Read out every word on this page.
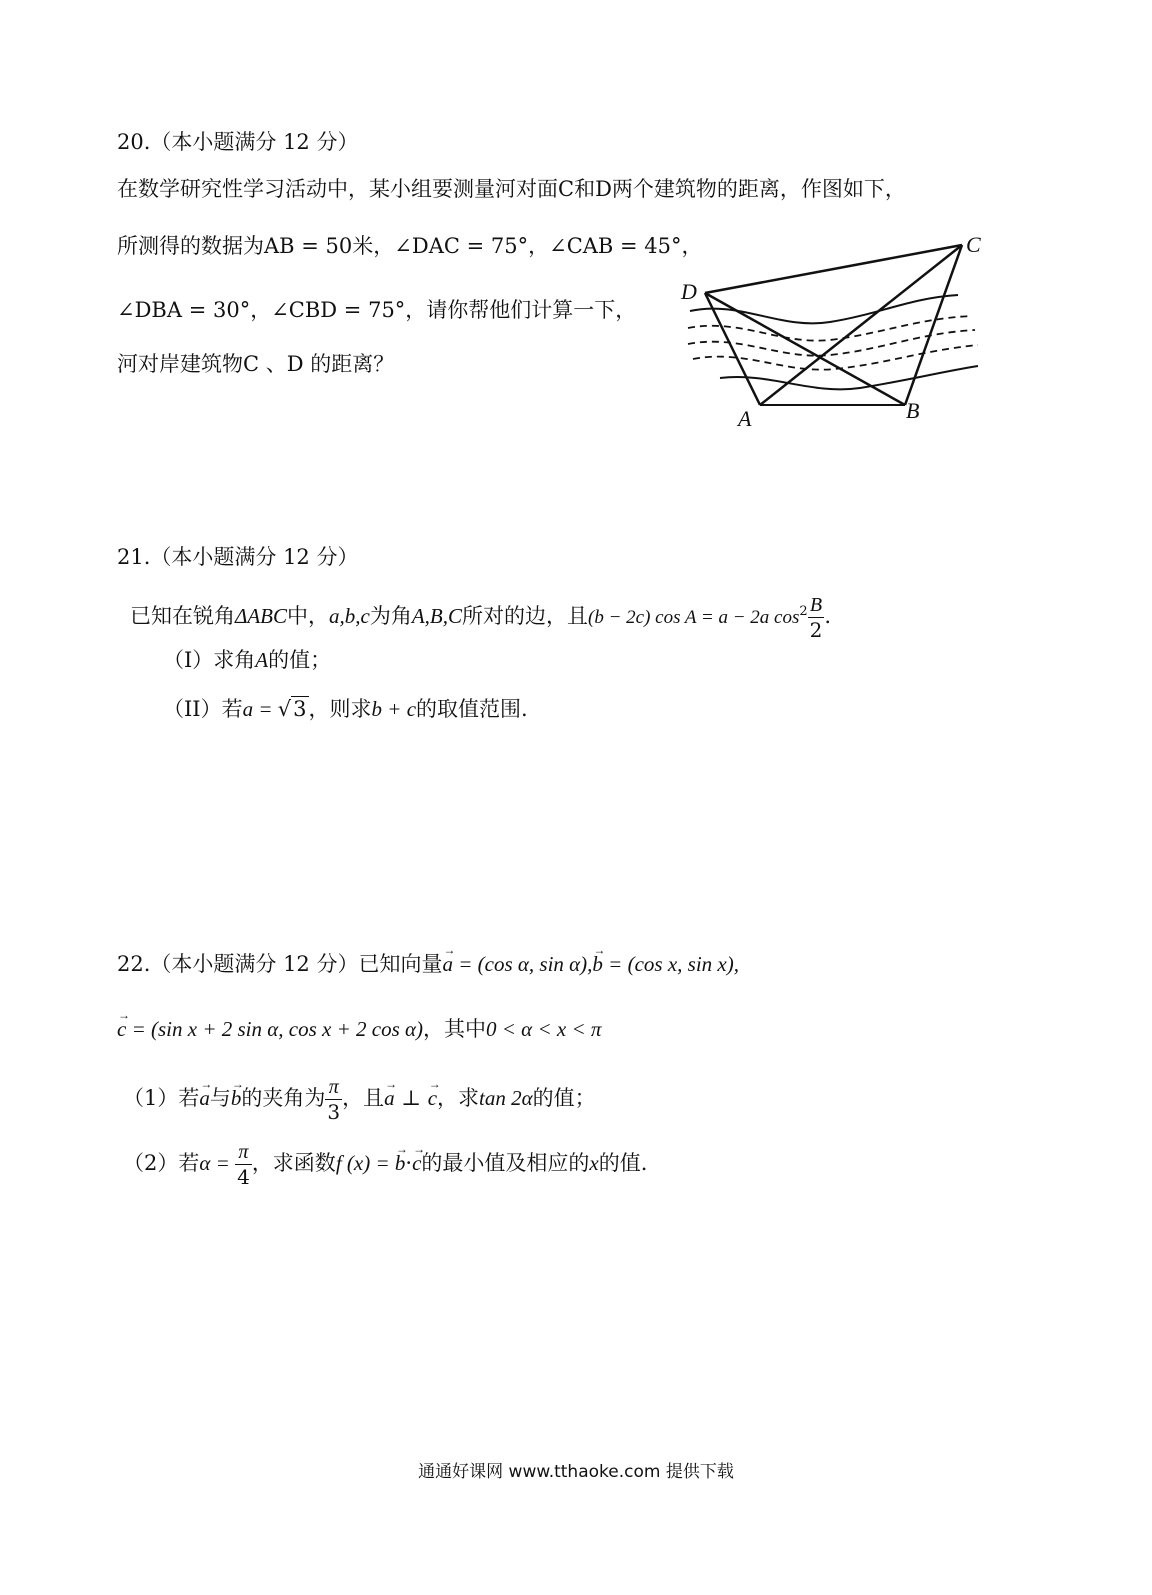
20.（本小题满分 12 分）
在数学研究性学习活动中，某小组要测量河对面C和D两个建筑物的距离，作图如下，
所测得的数据为AB = 50米，∠DAC = 75°，∠CAB = 45°，
∠DBA = 30°，∠CBD = 75°，请你帮他们计算一下，
河对岸建筑物C 、D 的距离？
C
D
A	B
21.（本小题满分 12 分）
已知在锐角ΔABC中，a,b,c为角A,B,C所对的边，且(b − 2c) cos A = a − 2a $\cos^2 \frac{B}{2}$ .
（I）求角A的值；
（II）若a = √3，则求b + c的取值范围.
22.（本小题满分 12 分）已知向量→ a = (cos α, sin α),→ b = (cos x, sin x),
→ c = (sin x + 2 sin α, cos x + 2 cos α)，其中0 < α < x < π
（1）若→ a与→ b的夹角为 $\frac{\pi}{3}$ ，且→ a ⊥ → c，求tan 2α的值；
（2）若$\alpha = \frac{\pi}{4}$ ，求函数f (x) = → b·→ c的最小值及相应的x的值.
通通好课网 www.tthaoke.com 提供下载
